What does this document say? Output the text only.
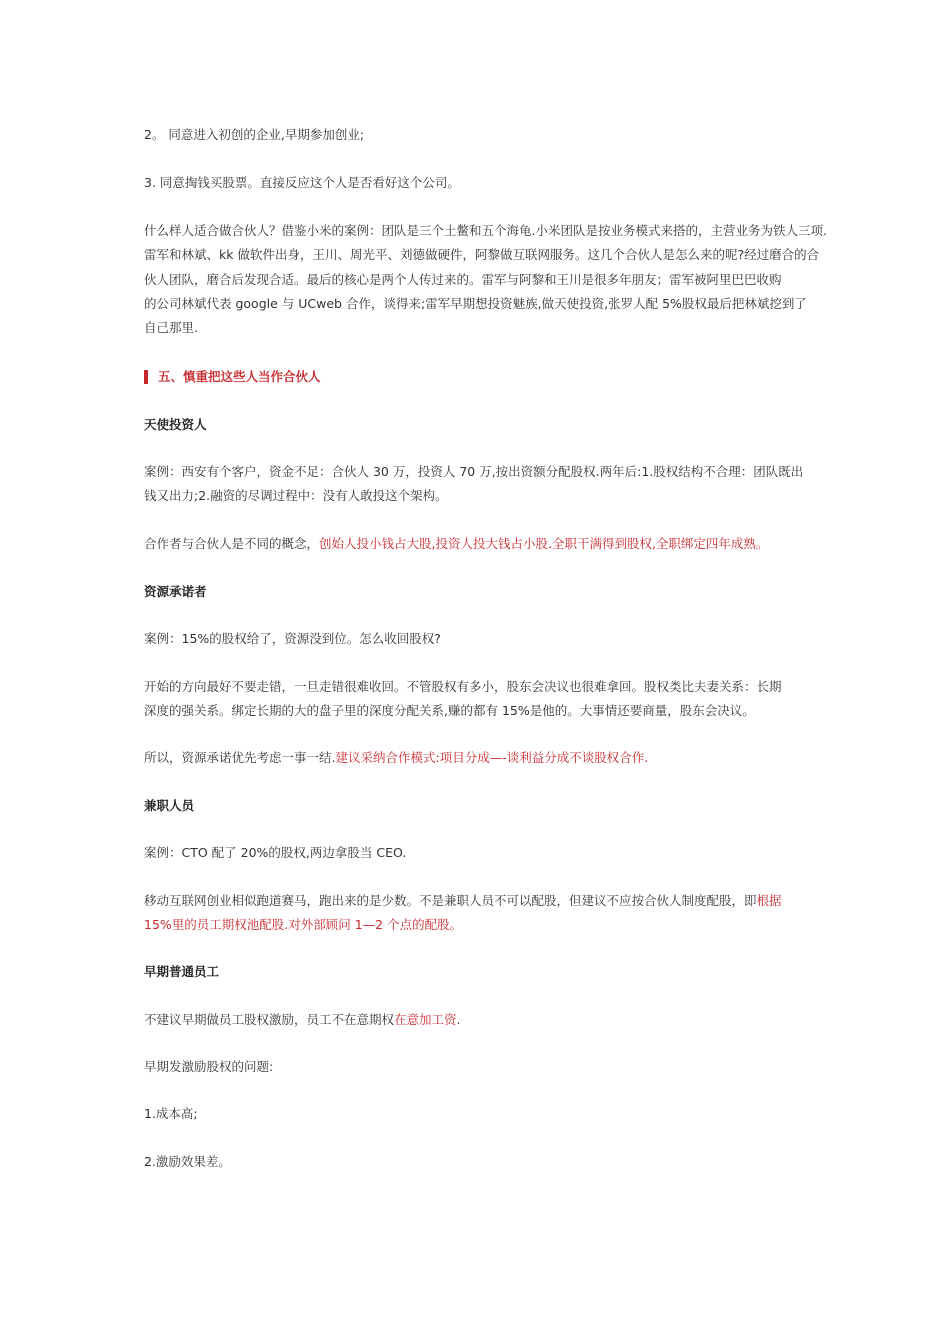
2。 同意进入初创的企业,早期参加创业;
3. 同意掏钱买股票。直接反应这个人是否看好这个公司。
什么样人适合做合伙人？借鉴小米的案例：团队是三个土鳖和五个海龟.小米团队是按业务模式来搭的，主营业务为铁人三项.
雷军和林斌、kk 做软件出身，王川、周光平、刘德做硬件，阿黎做互联网服务。这几个合伙人是怎么来的呢?经过磨合的合
伙人团队，磨合后发现合适。最后的核心是两个人传过来的。雷军与阿黎和王川是很多年朋友；雷军被阿里巴巴收购
的公司林斌代表 google 与 UCweb 合作，谈得来;雷军早期想投资魅族,做天使投资,张罗人配 5%股权最后把林斌挖到了
自己那里.
五、慎重把这些人当作合伙人
天使投资人
案例：西安有个客户，资金不足：合伙人 30 万，投资人 70 万,按出资额分配股权.两年后:1.股权结构不合理：团队既出
钱又出力;2.融资的尽调过程中：没有人敢投这个架构。
合作者与合伙人是不同的概念，创始人投小钱占大股,投资人投大钱占小股.全职干满得到股权,全职绑定四年成熟。
资源承诺者
案例：15%的股权给了，资源没到位。怎么收回股权?
开始的方向最好不要走错，一旦走错很难收回。不管股权有多小，股东会决议也很难拿回。股权类比夫妻关系：长期
深度的强关系。绑定长期的大的盘子里的深度分配关系,赚的都有 15%是他的。大事情还要商量，股东会决议。
所以，资源承诺优先考虑一事一结.建议采纳合作模式:项目分成—-谈利益分成不谈股权合作.
兼职人员
案例：CTO 配了 20%的股权,两边拿股当 CEO.
移动互联网创业相似跑道赛马，跑出来的是少数。不是兼职人员不可以配股，但建议不应按合伙人制度配股，即根据
15%里的员工期权池配股.对外部顾问 1—2 个点的配股。
早期普通员工
不建议早期做员工股权激励，员工不在意期权在意加工资.
早期发激励股权的问题:
1.成本高;
2.激励效果差。
